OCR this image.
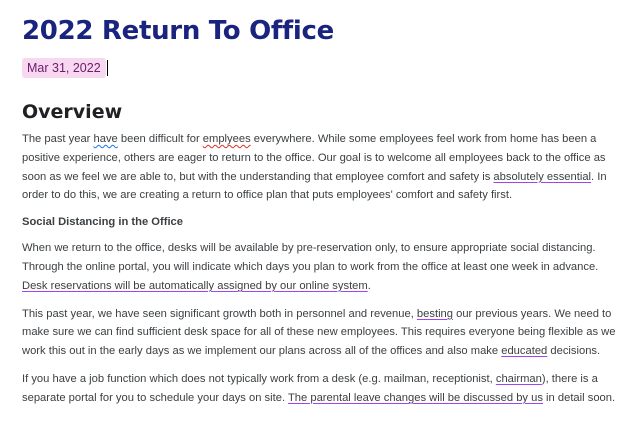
2022 Return To Office
Mar 31, 2022
Overview
The past year have been difficult for emplyees everywhere. While some employees feel work from home has been a
positive experience, others are eager to return to the office. Our goal is to welcome all employees back to the office as
soon as we feel we are able to, but with the understanding that employee comfort and safety is absolutely essential. In
order to do this, we are creating a return to office plan that puts employees' comfort and safety first.
Social Distancing in the Office
When we return to the office, desks will be available by pre-reservation only, to ensure appropriate social distancing.
Through the online portal, you will indicate which days you plan to work from the office at least one week in advance.
Desk reservations will be automatically assigned by our online system.
This past year, we have seen significant growth both in personnel and revenue, besting our previous years. We need to
make sure we can find sufficient desk space for all of these new employees. This requires everyone being flexible as we
work this out in the early days as we implement our plans across all of the offices and also make educated decisions.
If you have a job function which does not typically work from a desk (e.g. mailman, receptionist, chairman), there is a
separate portal for you to schedule your days on site. The parental leave changes will be discussed by us in detail soon.
